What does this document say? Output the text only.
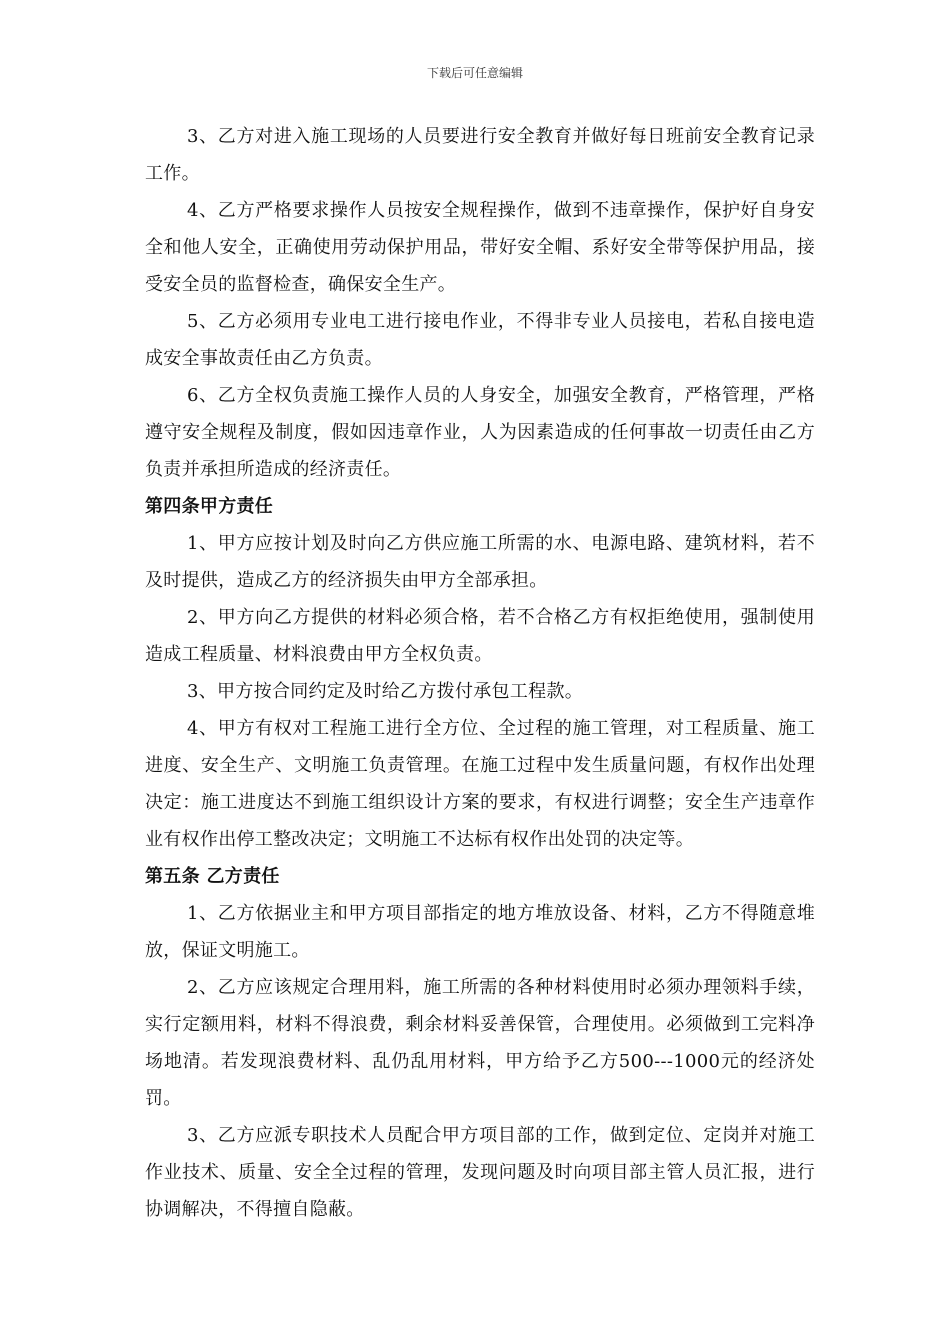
下载后可任意编辑

3、乙方对进入施工现场的人员要进行安全教育并做好每日班前安全教育记录工作。

4、乙方严格要求操作人员按安全规程操作，做到不违章操作，保护好自身安全和他人安全，正确使用劳动保护用品，带好安全帽、系好安全带等保护用品，接受安全员的监督检查，确保安全生产。

5、乙方必须用专业电工进行接电作业，不得非专业人员接电，若私自接电造成安全事故责任由乙方负责。

6、乙方全权负责施工操作人员的人身安全，加强安全教育，严格管理，严格遵守安全规程及制度，假如因违章作业，人为因素造成的任何事故一切责任由乙方负责并承担所造成的经济责任。

第四条甲方责任

1、甲方应按计划及时向乙方供应施工所需的水、电源电路、建筑材料，若不及时提供，造成乙方的经济损失由甲方全部承担。

2、甲方向乙方提供的材料必须合格，若不合格乙方有权拒绝使用，强制使用造成工程质量、材料浪费由甲方全权负责。

3、甲方按合同约定及时给乙方拨付承包工程款。

4、甲方有权对工程施工进行全方位、全过程的施工管理，对工程质量、施工进度、安全生产、文明施工负责管理。在施工过程中发生质量问题，有权作出处理决定：施工进度达不到施工组织设计方案的要求，有权进行调整；安全生产违章作业有权作出停工整改决定；文明施工不达标有权作出处罚的决定等。

第五条 乙方责任

1、乙方依据业主和甲方项目部指定的地方堆放设备、材料，乙方不得随意堆放，保证文明施工。

2、乙方应该规定合理用料，施工所需的各种材料使用时必须办理领料手续，实行定额用料，材料不得浪费，剩余材料妥善保管，合理使用。必须做到工完料净场地清。若发现浪费材料、乱仍乱用材料，甲方给予乙方500---1000元的经济处罚。

3、乙方应派专职技术人员配合甲方项目部的工作，做到定位、定岗并对施工作业技术、质量、安全全过程的管理，发现问题及时向项目部主管人员汇报，进行协调解决，不得擅自隐蔽。
